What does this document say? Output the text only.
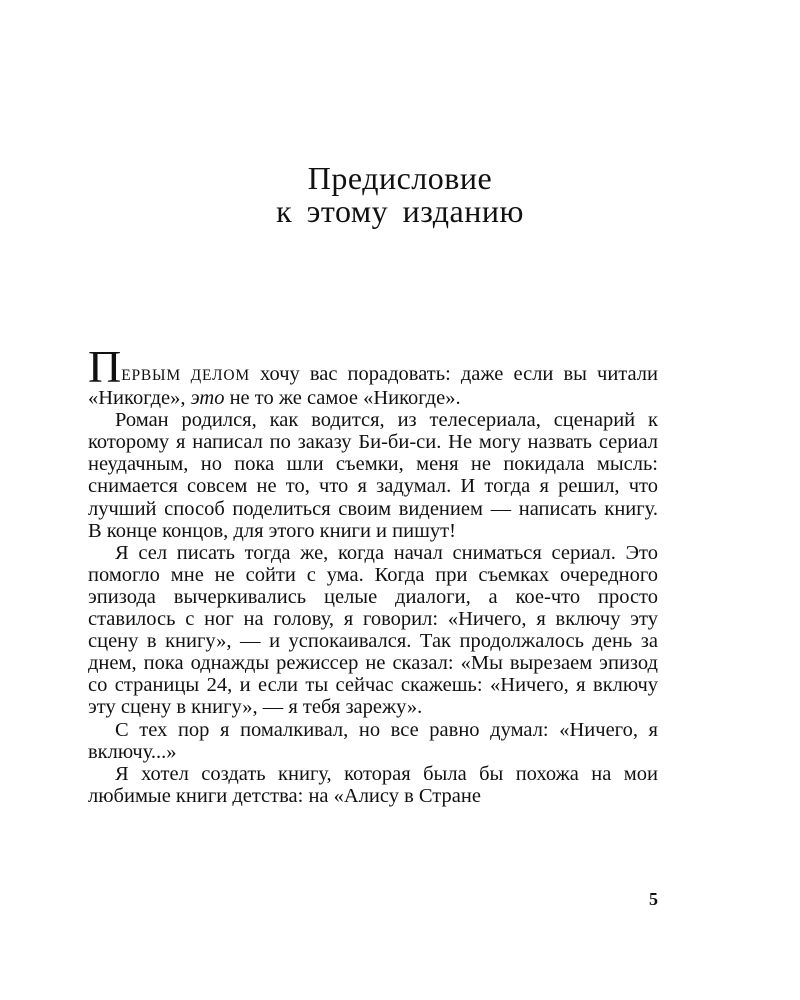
Предисловие
к этому изданию

ПЕРВЫМ ДЕЛОМ хочу вас порадовать: даже если вы читали «Никогде», это не то же самое «Никогде».

Роман родился, как водится, из телесериала, сценарий к которому я написал по заказу Би-би-си. Не могу назвать сериал неудачным, но пока шли съемки, меня не покидала мысль: снимается совсем не то, что я задумал. И тогда я решил, что лучший способ поделиться своим видением — написать книгу. В конце концов, для этого книги и пишут!

Я сел писать тогда же, когда начал сниматься сериал. Это помогло мне не сойти с ума. Когда при съемках очередного эпизода вычеркивались целые диалоги, а кое-что просто ставилось с ног на голову, я говорил: «Ничего, я включу эту сцену в книгу», — и успокаивался. Так продолжалось день за днем, пока однажды режиссер не сказал: «Мы вырезаем эпизод со страницы 24, и если ты сейчас скажешь: «Ничего, я включу эту сцену в книгу», — я тебя зарежу».

С тех пор я помалкивал, но все равно думал: «Ничего, я включу...»

Я хотел создать книгу, которая была бы похожа на мои любимые книги детства: на «Алису в Стране

5
